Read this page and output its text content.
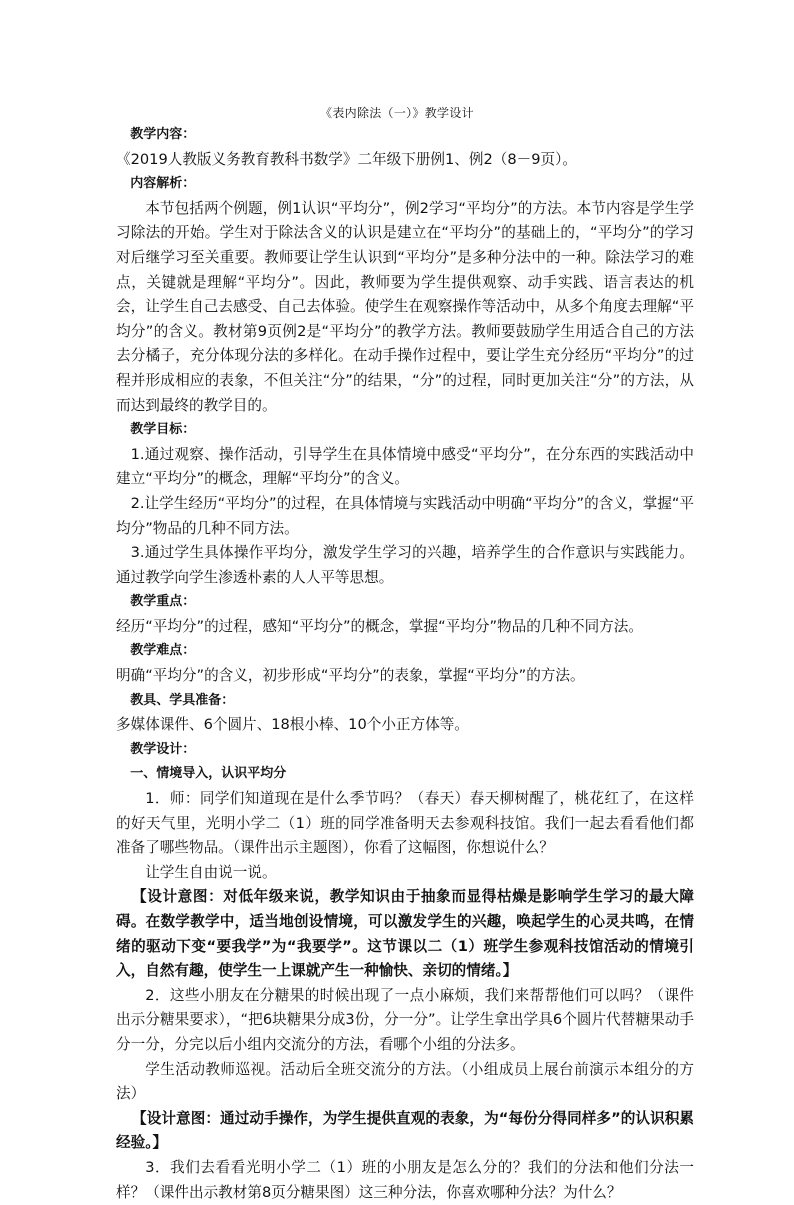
《表内除法（一）》教学设计

教学内容：

《2019人教版义务教育教科书数学》二年级下册例1、例2（8－9页）。

内容解析：

本节包括两个例题，例1认识“平均分”，例2学习“平均分”的方法。本节内容是学生学习除法的开始。学生对于除法含义的认识是建立在“平均分”的基础上的，“平均分”的学习对后继学习至关重要。教师要让学生认识到“平均分”是多种分法中的一种。除法学习的难点，关键就是理解“平均分”。因此，教师要为学生提供观察、动手实践、语言表达的机会，让学生自己去感受、自己去体验。使学生在观察操作等活动中，从多个角度去理解“平均分”的含义。教材第9页例2是“平均分”的教学方法。教师要鼓励学生用适合自己的方法去分橘子，充分体现分法的多样化。在动手操作过程中，要让学生充分经历“平均分”的过程并形成相应的表象，不但关注“分”的结果，“分”的过程，同时更加关注“分”的方法，从而达到最终的教学目的。

教学目标：

1.通过观察、操作活动，引导学生在具体情境中感受“平均分”，在分东西的实践活动中建立“平均分”的概念，理解“平均分”的含义。

2.让学生经历“平均分”的过程，在具体情境与实践活动中明确“平均分”的含义，掌握“平均分”物品的几种不同方法。

3.通过学生具体操作平均分，激发学生学习的兴趣，培养学生的合作意识与实践能力。通过教学向学生渗透朴素的人人平等思想。

教学重点：

经历“平均分”的过程，感知“平均分”的概念，掌握“平均分”物品的几种不同方法。

教学难点：

明确“平均分”的含义，初步形成“平均分”的表象，掌握“平均分”的方法。

教具、学具准备：

多媒体课件、6个圆片、18根小棒、10个小正方体等。

教学设计：

一、情境导入，认识平均分

1．师：同学们知道现在是什么季节吗？（春天）春天柳树醒了，桃花红了，在这样的好天气里，光明小学二（1）班的同学准备明天去参观科技馆。我们一起去看看他们都准备了哪些物品。（课件出示主题图），你看了这幅图，你想说什么？

让学生自由说一说。

【设计意图：对低年级来说，教学知识由于抽象而显得枯燥是影响学生学习的最大障碍。在数学教学中，适当地创设情境，可以激发学生的兴趣，唤起学生的心灵共鸣，在情绪的驱动下变“要我学”为“我要学”。这节课以二（1）班学生参观科技馆活动的情境引入，自然有趣，使学生一上课就产生一种愉快、亲切的情绪。】

2．这些小朋友在分糖果的时候出现了一点小麻烦，我们来帮帮他们可以吗？（课件出示分糖果要求），“把6块糖果分成3份，分一分”。让学生拿出学具6个圆片代替糖果动手分一分，分完以后小组内交流分的方法，看哪个小组的分法多。

学生活动教师巡视。活动后全班交流分的方法。（小组成员上展台前演示本组分的方法）

【设计意图：通过动手操作，为学生提供直观的表象，为“每份分得同样多”的认识积累经验。】

3．我们去看看光明小学二（1）班的小朋友是怎么分的？我们的分法和他们分法一样？（课件出示教材第8页分糖果图）这三种分法，你喜欢哪种分法？为什么？
